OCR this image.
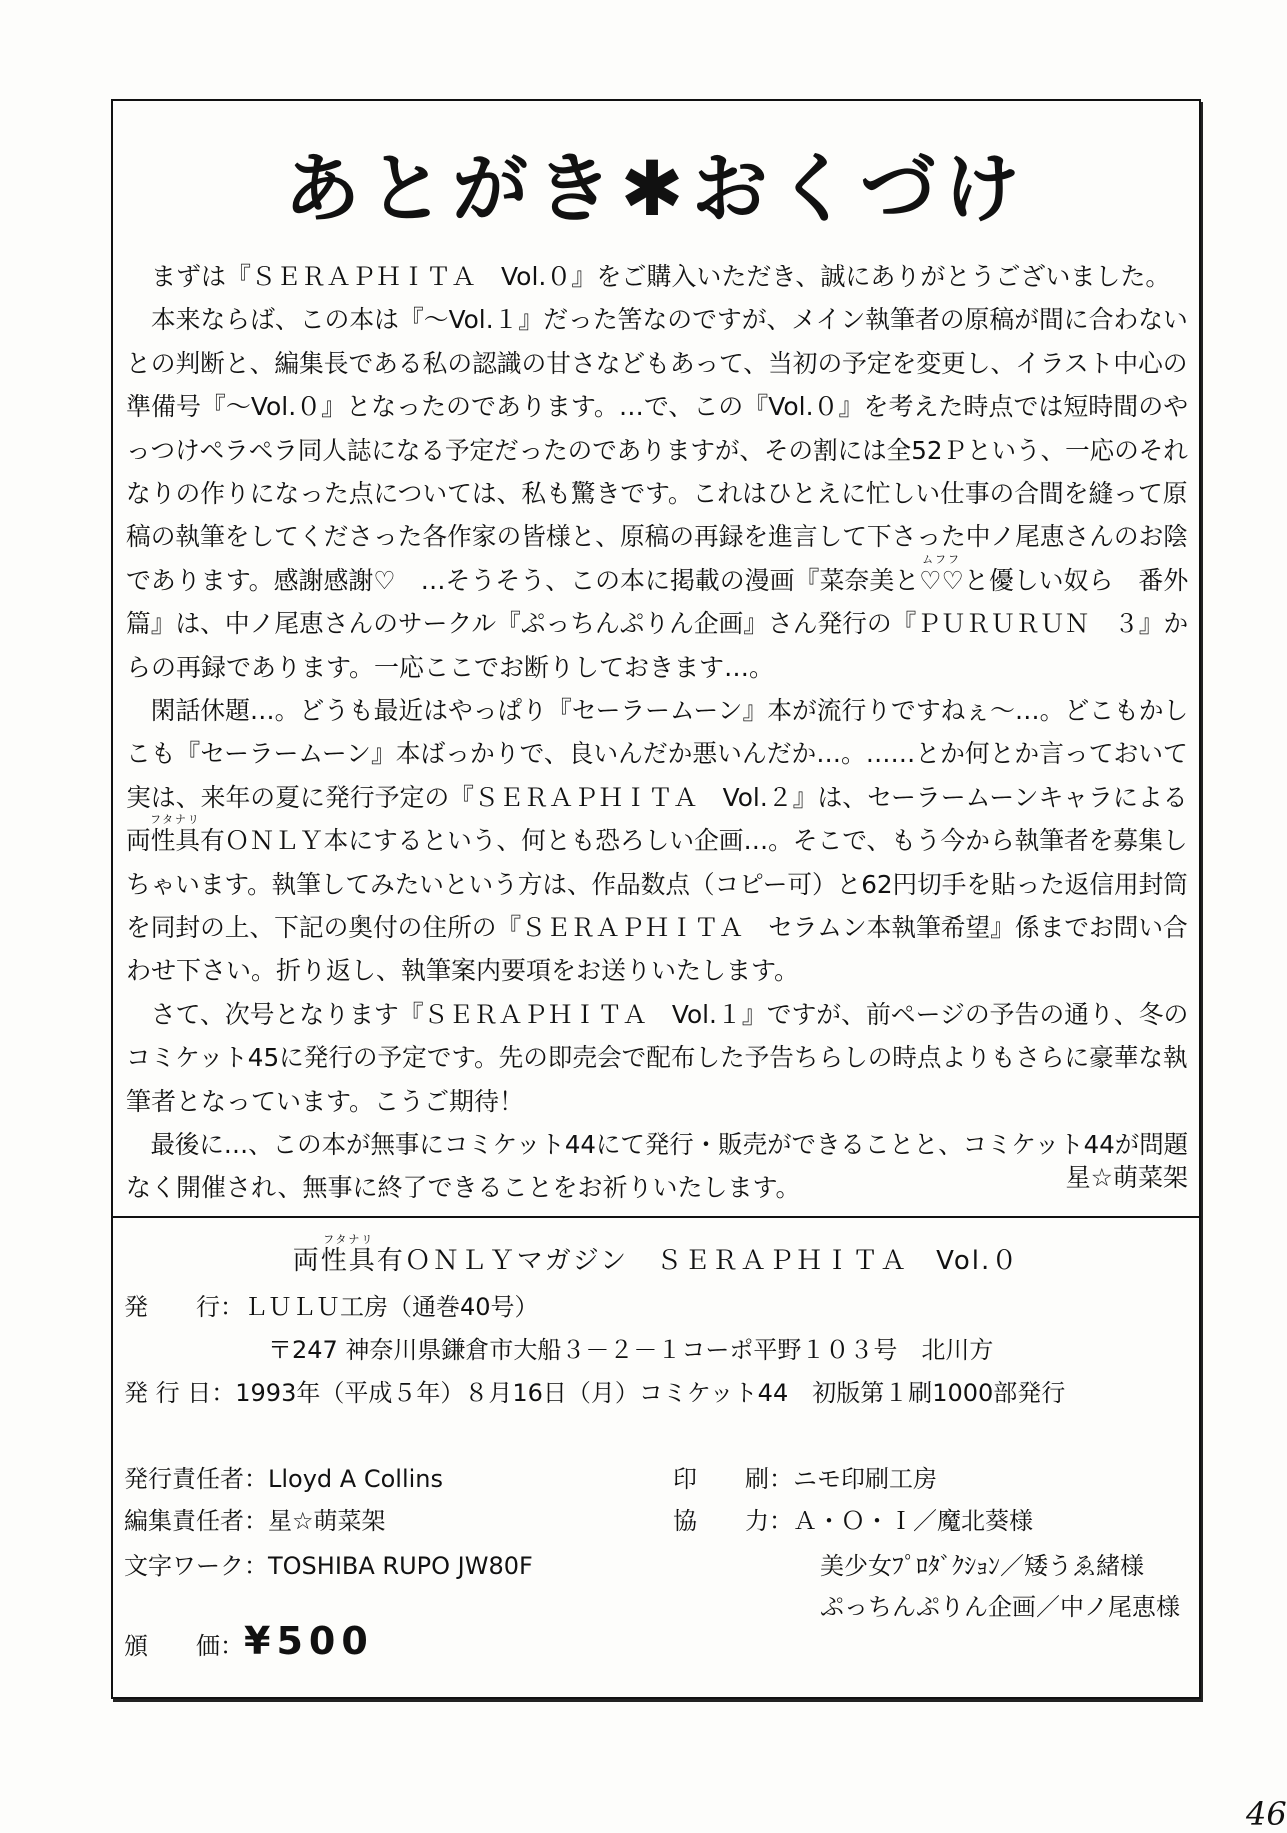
あとがき✱おくづけ
　まずは『ＳＥＲＡＰＨＩＴＡ　Vol.０』をご購入いただき、誠にありがとうございました。
　本来ならば、この本は『～Vol.１』だった筈なのですが、メイン執筆者の原稿が間に合わない
との判断と、編集長である私の認識の甘さなどもあって、当初の予定を変更し、イラスト中心の
準備号『～Vol.０』となったのであります。…で、この『Vol.０』を考えた時点では短時間のや
っつけペラペラ同人誌になる予定だったのでありますが、その割には全52Ｐという、一応のそれ
なりの作りになった点については、私も驚きです。これはひとえに忙しい仕事の合間を縫って原
稿の執筆をしてくださった各作家の皆様と、原稿の再録を進言して下さった中ノ尾恵さんのお陰
であります。感謝感謝♡　…そうそう、この本に掲載の漫画『菜奈美と♡♡
ムフフ
と優しい奴ら　番外
篇』は、中ノ尾恵さんのサークル『ぷっちんぷりん企画』さん発行の『ＰＵＲＵＲＵＮ　３』か
らの再録であります。一応ここでお断りしておきます…。
　閑話休題…。どうも最近はやっぱり『セーラームーン』本が流行りですねぇ～…。どこもかし
こも『セーラームーン』本ばっかりで、良いんだか悪いんだか…。……とか何とか言っておいて
実は、来年の夏に発行予定の『ＳＥＲＡＰＨＩＴＡ　Vol.２』は、セーラームーンキャラによる
両性具有
フタナリ
ＯＮＬＹ本にするという、何とも恐ろしい企画…。そこで、もう今から執筆者を募集し
ちゃいます。執筆してみたいという方は、作品数点（コピー可）と62円切手を貼った返信用封筒
を同封の上、下記の奥付の住所の『ＳＥＲＡＰＨＩＴＡ　セラムン本執筆希望』係までお問い合
わせ下さい。折り返し、執筆案内要項をお送りいたします。
　さて、次号となります『ＳＥＲＡＰＨＩＴＡ　Vol.１』ですが、前ページの予告の通り、冬の
コミケット45に発行の予定です。先の即売会で配布した予告ちらしの時点よりもさらに豪華な執
筆者となっています。こうご期待！
　最後に…、この本が無事にコミケット44にて発行・販売ができることと、コミケット44が問題
なく開催され、無事に終了できることをお祈りいたします。	星☆萌菜架
両性具有
フタナリ
ＯＮＬＹマガジン　ＳＥＲＡＰＨＩＴＡ　Vol.０
発　　行：ＬＵＬＵ工房（通巻40号）
〒247 神奈川県鎌倉市大船３－２－１コーポ平野１０３号　北川方
発 行 日：1993年（平成５年）８月16日（月）コミケット44　初版第１刷1000部発行
発行責任者：Lloyd A Collins
編集責任者：星☆萌菜架
文字ワーク：TOSHIBA RUPO JW80F
頒　　価：¥500
印　　刷：ニモ印刷工房
協　　力：Ａ・Ｏ・Ｉ／魔北葵様
美少女ﾌﾟﾛﾀﾞｸｼｮﾝ／矮うゑ緒様
ぷっちんぷりん企画／中ノ尾恵様
46
